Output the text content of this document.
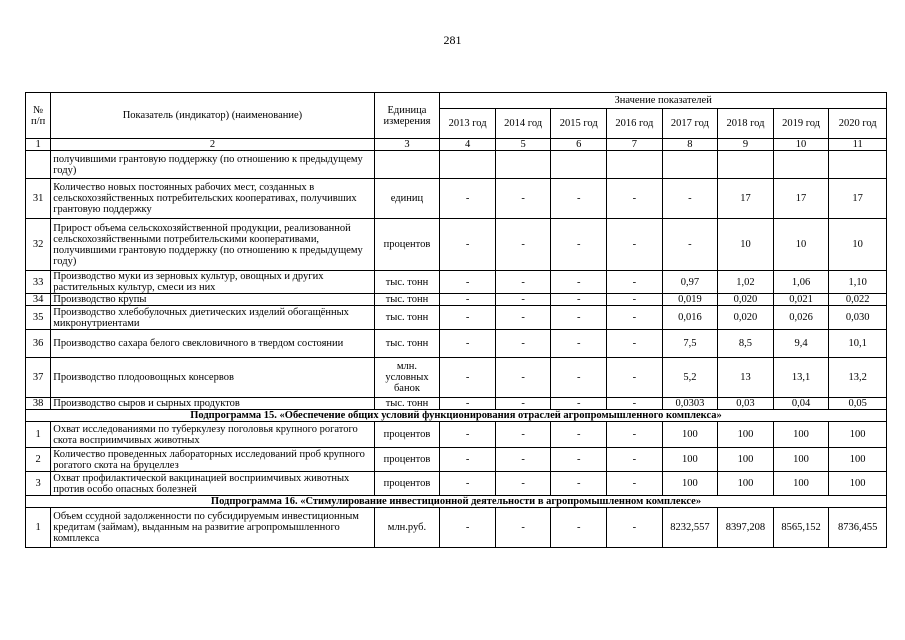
281
№ п/п	Показатель (индикатор) (наименование)	Единица измерения	Значение показателей							
			2013 год	2014 год	2015 год	2016 год	2017 год	2018 год	2019 год	2020 год
1	2	3	4	5	6	7	8	9	10	11
	получившими грантовую поддержку (по отношению к предыдущему году)									
31	Количество новых постоянных рабочих мест, созданных в сельскохозяйственных потребительских кооперативах, получивших грантовую поддержку	единиц	-	-	-	-	-	17	17	17
32	Прирост объема сельскохозяйственной продукции, реализованной сельскохозяйственными потребительскими кооперативами, получившими грантовую поддержку (по отношению к предыдущему году)	процентов	-	-	-	-	-	10	10	10
33	Производство муки из зерновых культур, овощных и других растительных культур, смеси из них	тыс. тонн	-	-	-	-	0,97	1,02	1,06	1,10
34	Производство крупы	тыс. тонн	-	-	-	-	0,019	0,020	0,021	0,022
35	Производство хлебобулочных диетических изделий обогащённых микронутриентами	тыс. тонн	-	-	-	-	0,016	0,020	0,026	0,030
36	Производство сахара белого свекловичного в твердом состоянии	тыс. тонн	-	-	-	-	7,5	8,5	9,4	10,1
37	Производство плодоовощных консервов	млн. условных банок	-	-	-	-	5,2	13	13,1	13,2
38	Производство сыров и сырных продуктов	тыс. тонн	-	-	-	-	0,0303	0,03	0,04	0,05
Подпрограмма 15. «Обеспечение общих условий функционирования отраслей агропромышленного комплекса»										
1	Охват исследованиями по туберкулезу поголовья крупного рогатого скота восприимчивых животных	процентов	-	-	-	-	100	100	100	100
2	Количество проведенных лабораторных исследований проб крупного рогатого скота на бруцеллез	процентов	-	-	-	-	100	100	100	100
3	Охват профилактической вакцинацией восприимчивых животных против особо опасных болезней	процентов	-	-	-	-	100	100	100	100
Подпрограмма 16. «Стимулирование инвестиционной деятельности в агропромышленном комплексе»										
1	Объем ссудной задолженности по субсидируемым инвестиционным кредитам (займам), выданным на развитие агропромышленного комплекса	млн.руб.	-	-	-	-	8232,557	8397,208	8565,152	8736,455
